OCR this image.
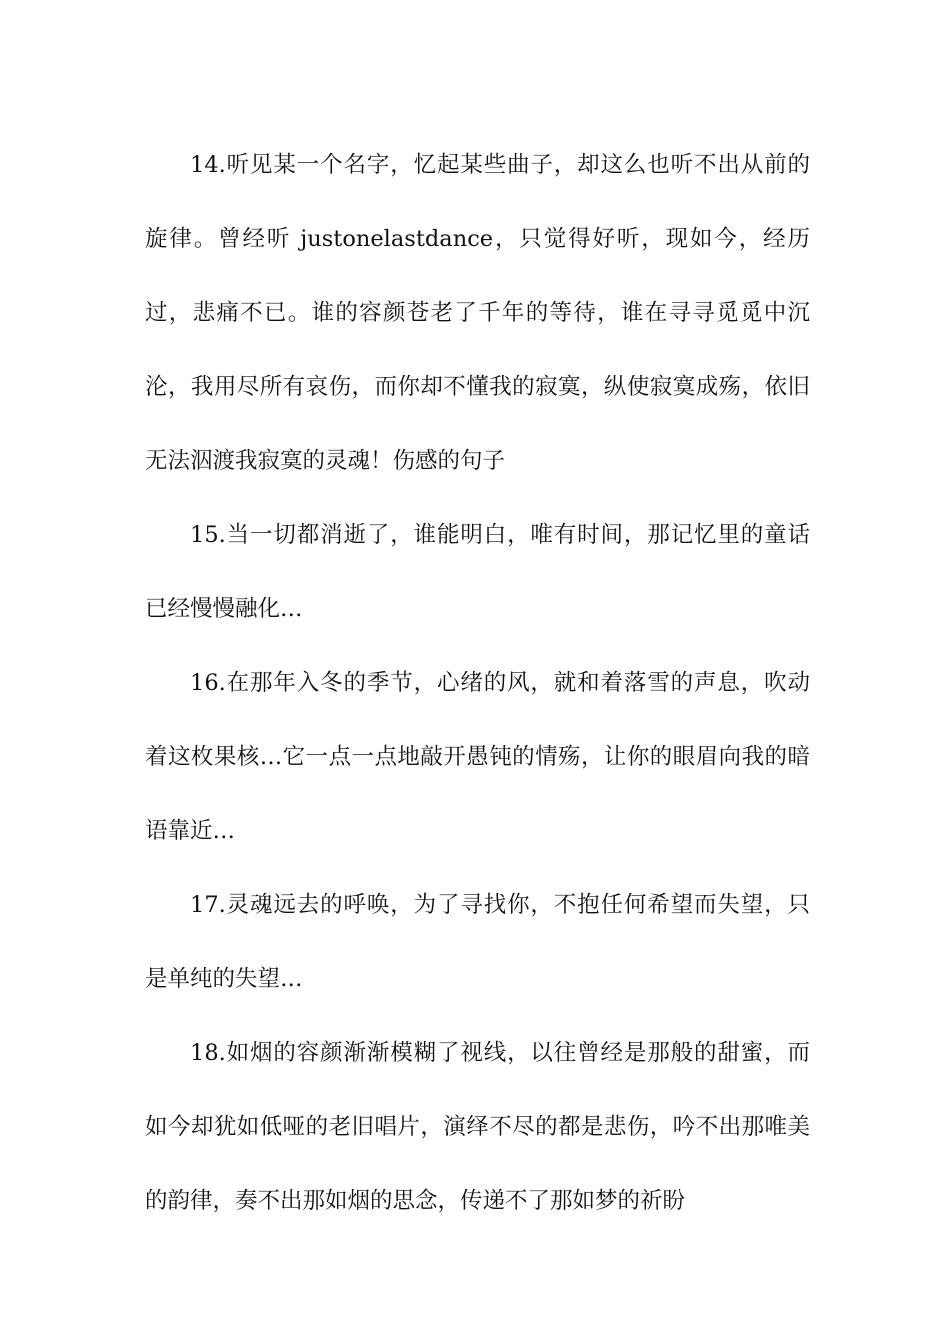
14.听见某一个名字，忆起某些曲子，却这么也听不出从前的旋律。曾经听 justonelastdance，只觉得好听，现如今，经历过，悲痛不已。谁的容颜苍老了千年的等待，谁在寻寻觅觅中沉沦，我用尽所有哀伤，而你却不懂我的寂寞，纵使寂寞成殇，依旧无法泅渡我寂寞的灵魂！伤感的句子

15.当一切都消逝了，谁能明白，唯有时间，那记忆里的童话已经慢慢融化…

16.在那年入冬的季节，心绪的风，就和着落雪的声息，吹动着这枚果核…它一点一点地敲开愚钝的情殇，让你的眼眉向我的暗语靠近…

17.灵魂远去的呼唤，为了寻找你，不抱任何希望而失望，只是单纯的失望…

18.如烟的容颜渐渐模糊了视线，以往曾经是那般的甜蜜，而如今却犹如低哑的老旧唱片，演绎不尽的都是悲伤，吟不出那唯美的韵律，奏不出那如烟的思念，传递不了那如梦的祈盼
